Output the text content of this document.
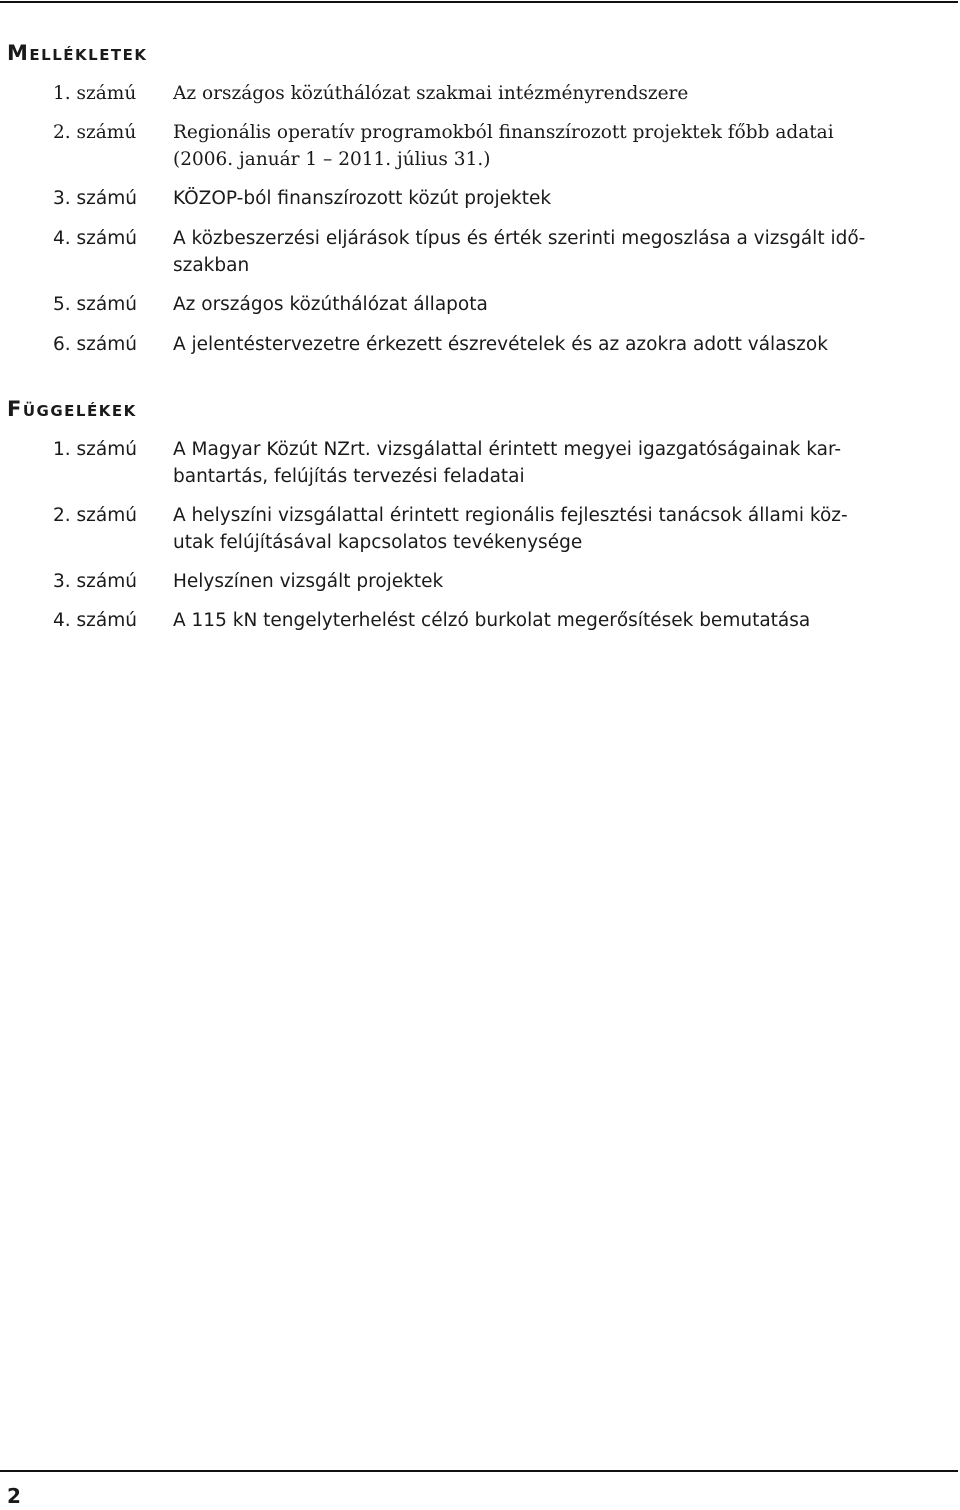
Mellékletek
1. számú Az országos közúthálózat szakmai intézményrendszere
2. számú Regionális operatív programokból finanszírozott projektek főbb adatai
(2006. január 1 – 2011. július 31.)
3. számú KÖZOP-ból finanszírozott közút projektek
4. számú A közbeszerzési eljárások típus és érték szerinti megoszlása a vizsgált idő-
szakban
5. számú Az országos közúthálózat állapota
6. számú A jelentéstervezetre érkezett észrevételek és az azokra adott válaszok
Függelékek
1. számú A Magyar Közút NZrt. vizsgálattal érintett megyei igazgatóságainak kar-
bantartás, felújítás tervezési feladatai
2. számú A helyszíni vizsgálattal érintett regionális fejlesztési tanácsok állami köz-
utak felújításával kapcsolatos tevékenysége
3. számú Helyszínen vizsgált projektek
4. számú A 115 kN tengelyterhelést célzó burkolat megerősítések bemutatása
2
